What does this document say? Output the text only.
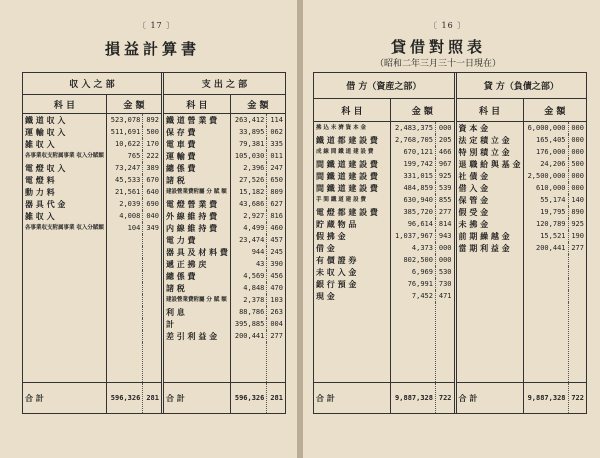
〔 17 〕
損益計算書
収 入 之 部			支 出 之 部		
科 目	金 額		科 目	金 額	
鐵 道 収 入	523,078	892	鐵 道 營 業 費	263,412	114
運 輸 収 入	511,691	500	保 存 費	33,895	062
雑 収 入	10,622	170	電 車 費	79,381	335
各事業収支附属事業 収入分賦額	765	222	運 輸 費	105,030	011
電 燈 収 入	73,247	389	總 係 費	2,396	247
電 燈 料	45,533	670	諸 税	27,526	650
動 力 料	21,561	640	建設營業費附屬 分 賦 額	15,182	809
器 具 代 金	2,039	690	電 燈 營 業 費	43,686	627
雑 収 入	4,008	040	外 線 維 持 費	2,927	816
各事業収支附属事業 収入分賦額	104	349	内 線 維 持 費	4,499	460
			電 力 費	23,474	457
			器 具 及 材 料 費	944	245
			遞 正 拂 戻	43	390
			總 係 費	4,569	456
			諸 税	4,848	470
			建設營業費附屬 分 賦 額	2,378	103
			利 息	88,786	263
			計	395,885	004
			差 引 利 益 金	200,441	277

合 計	596,326	281	合 計	596,326	281
〔 16 〕
貸借對照表
（昭和二年三月三十一日現在）
借 方（資産之部）			貸 方（負債之部）		
科 目	金 額		科 目	金 額	
拂 込 未 濟 資 本 金	2,483,375	000	資 本 金	6,000,000	000
鐵 道 都 建 設 費	2,768,705	205	法 定 積 立 金	165,405	000
成 線 間 鐵 道 建 設 費	670,121	466	特 別 積 立 金	176,000	000
間 鐵 道 建 設 費	199,742	967	退 職 給 與 基 金	24,206	500
間 鐵 道 建 設 費	331,015	925	社 債 金	2,500,000	000
間 鐵 道 建 設 費	484,859	539	借 入 金	610,000	000
手 間 鐵 道 建 設 費	630,940	855	保 管 金	55,174	140
電 燈 都 建 設 費	385,720	277	假 受 金	19,795	890
貯 蔵 物 品	96,614	814	未 拂 金	120,789	925
假 拂 金	1,037,967	943	前 期 繰 越 金	15,521	190
借 金	4,373	000	當 期 利 益 金	200,441	277
有 價 證 券	802,500	000			
未 収 入 金	6,969	530			
銀 行 預 金	76,991	730			
現 金	7,452	471			

合 計	9,887,328	722	合 計	9,887,328	722
